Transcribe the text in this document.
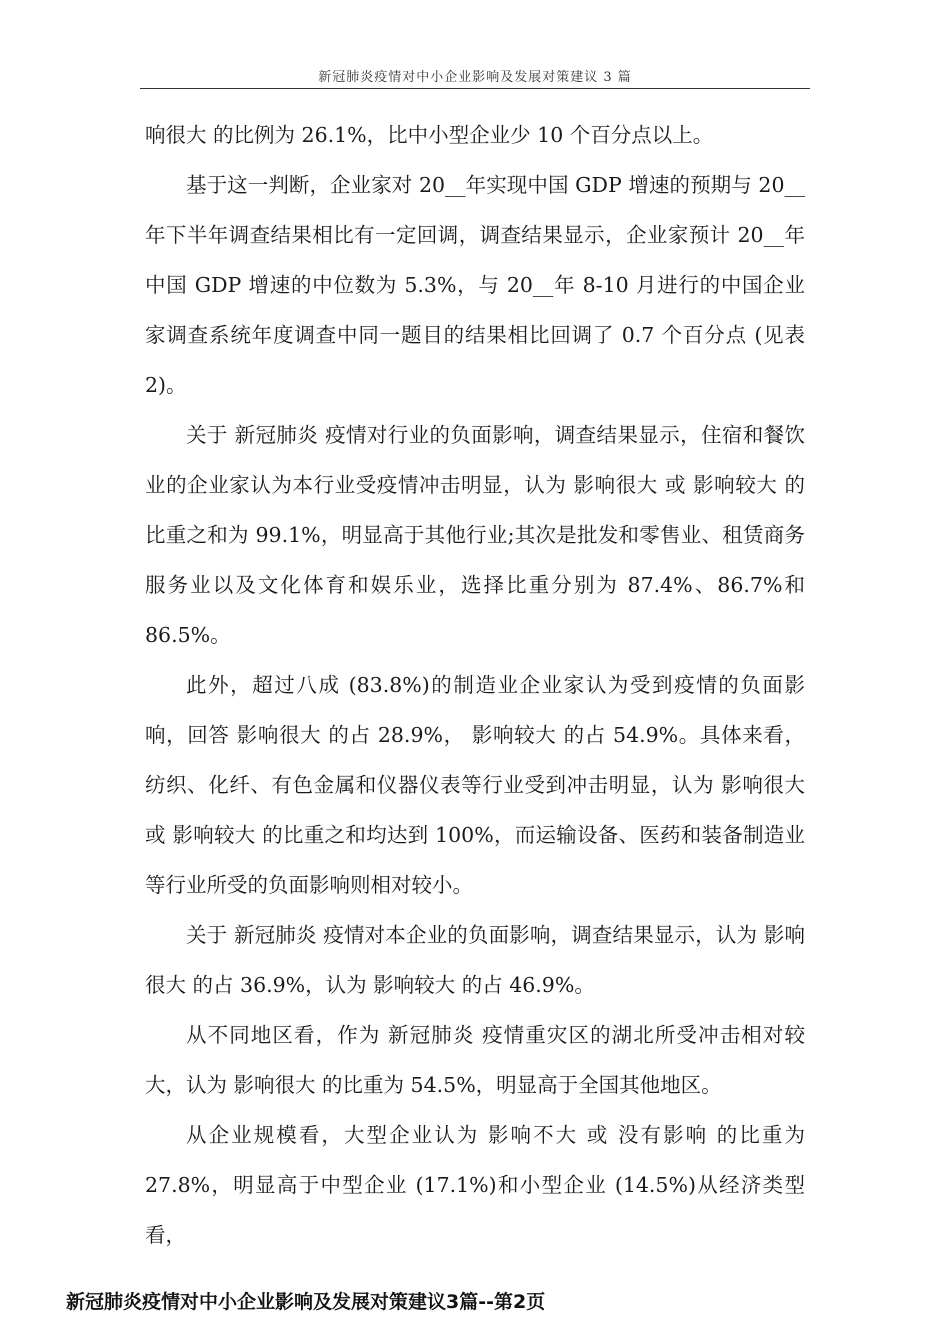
新冠肺炎疫情对中小企业影响及发展对策建议 3 篇

响很大 的比例为 26.1%，比中小型企业少 10 个百分点以上。

基于这一判断，企业家对 20__年实现中国 GDP 增速的预期与 20__年下半年调查结果相比有一定回调，调查结果显示，企业家预计 20__年中国 GDP 增速的中位数为 5.3%，与 20__年 8-10 月进行的中国企业家调查系统年度调查中同一题目的结果相比回调了 0.7 个百分点 (见表 2)。

关于 新冠肺炎 疫情对行业的负面影响，调查结果显示，住宿和餐饮业的企业家认为本行业受疫情冲击明显，认为 影响很大 或 影响较大 的比重之和为 99.1%，明显高于其他行业;其次是批发和零售业、租赁商务服务业以及文化体育和娱乐业，选择比重分别为 87.4%、86.7%和 86.5%。

此外，超过八成 (83.8%)的制造业企业家认为受到疫情的负面影响，回答 影响很大 的占 28.9%， 影响较大 的占 54.9%。具体来看，纺织、化纤、有色金属和仪器仪表等行业受到冲击明显，认为 影响很大 或 影响较大 的比重之和均达到 100%，而运输设备、医药和装备制造业等行业所受的负面影响则相对较小。

关于 新冠肺炎 疫情对本企业的负面影响，调查结果显示，认为 影响很大 的占 36.9%，认为 影响较大 的占 46.9%。

从不同地区看，作为 新冠肺炎 疫情重灾区的湖北所受冲击相对较大，认为 影响很大 的比重为 54.5%，明显高于全国其他地区。

从企业规模看，大型企业认为 影响不大 或 没有影响 的比重为 27.8%，明显高于中型企业 (17.1%)和小型企业 (14.5%)从经济类型看，

新冠肺炎疫情对中小企业影响及发展对策建议3篇--第2页
